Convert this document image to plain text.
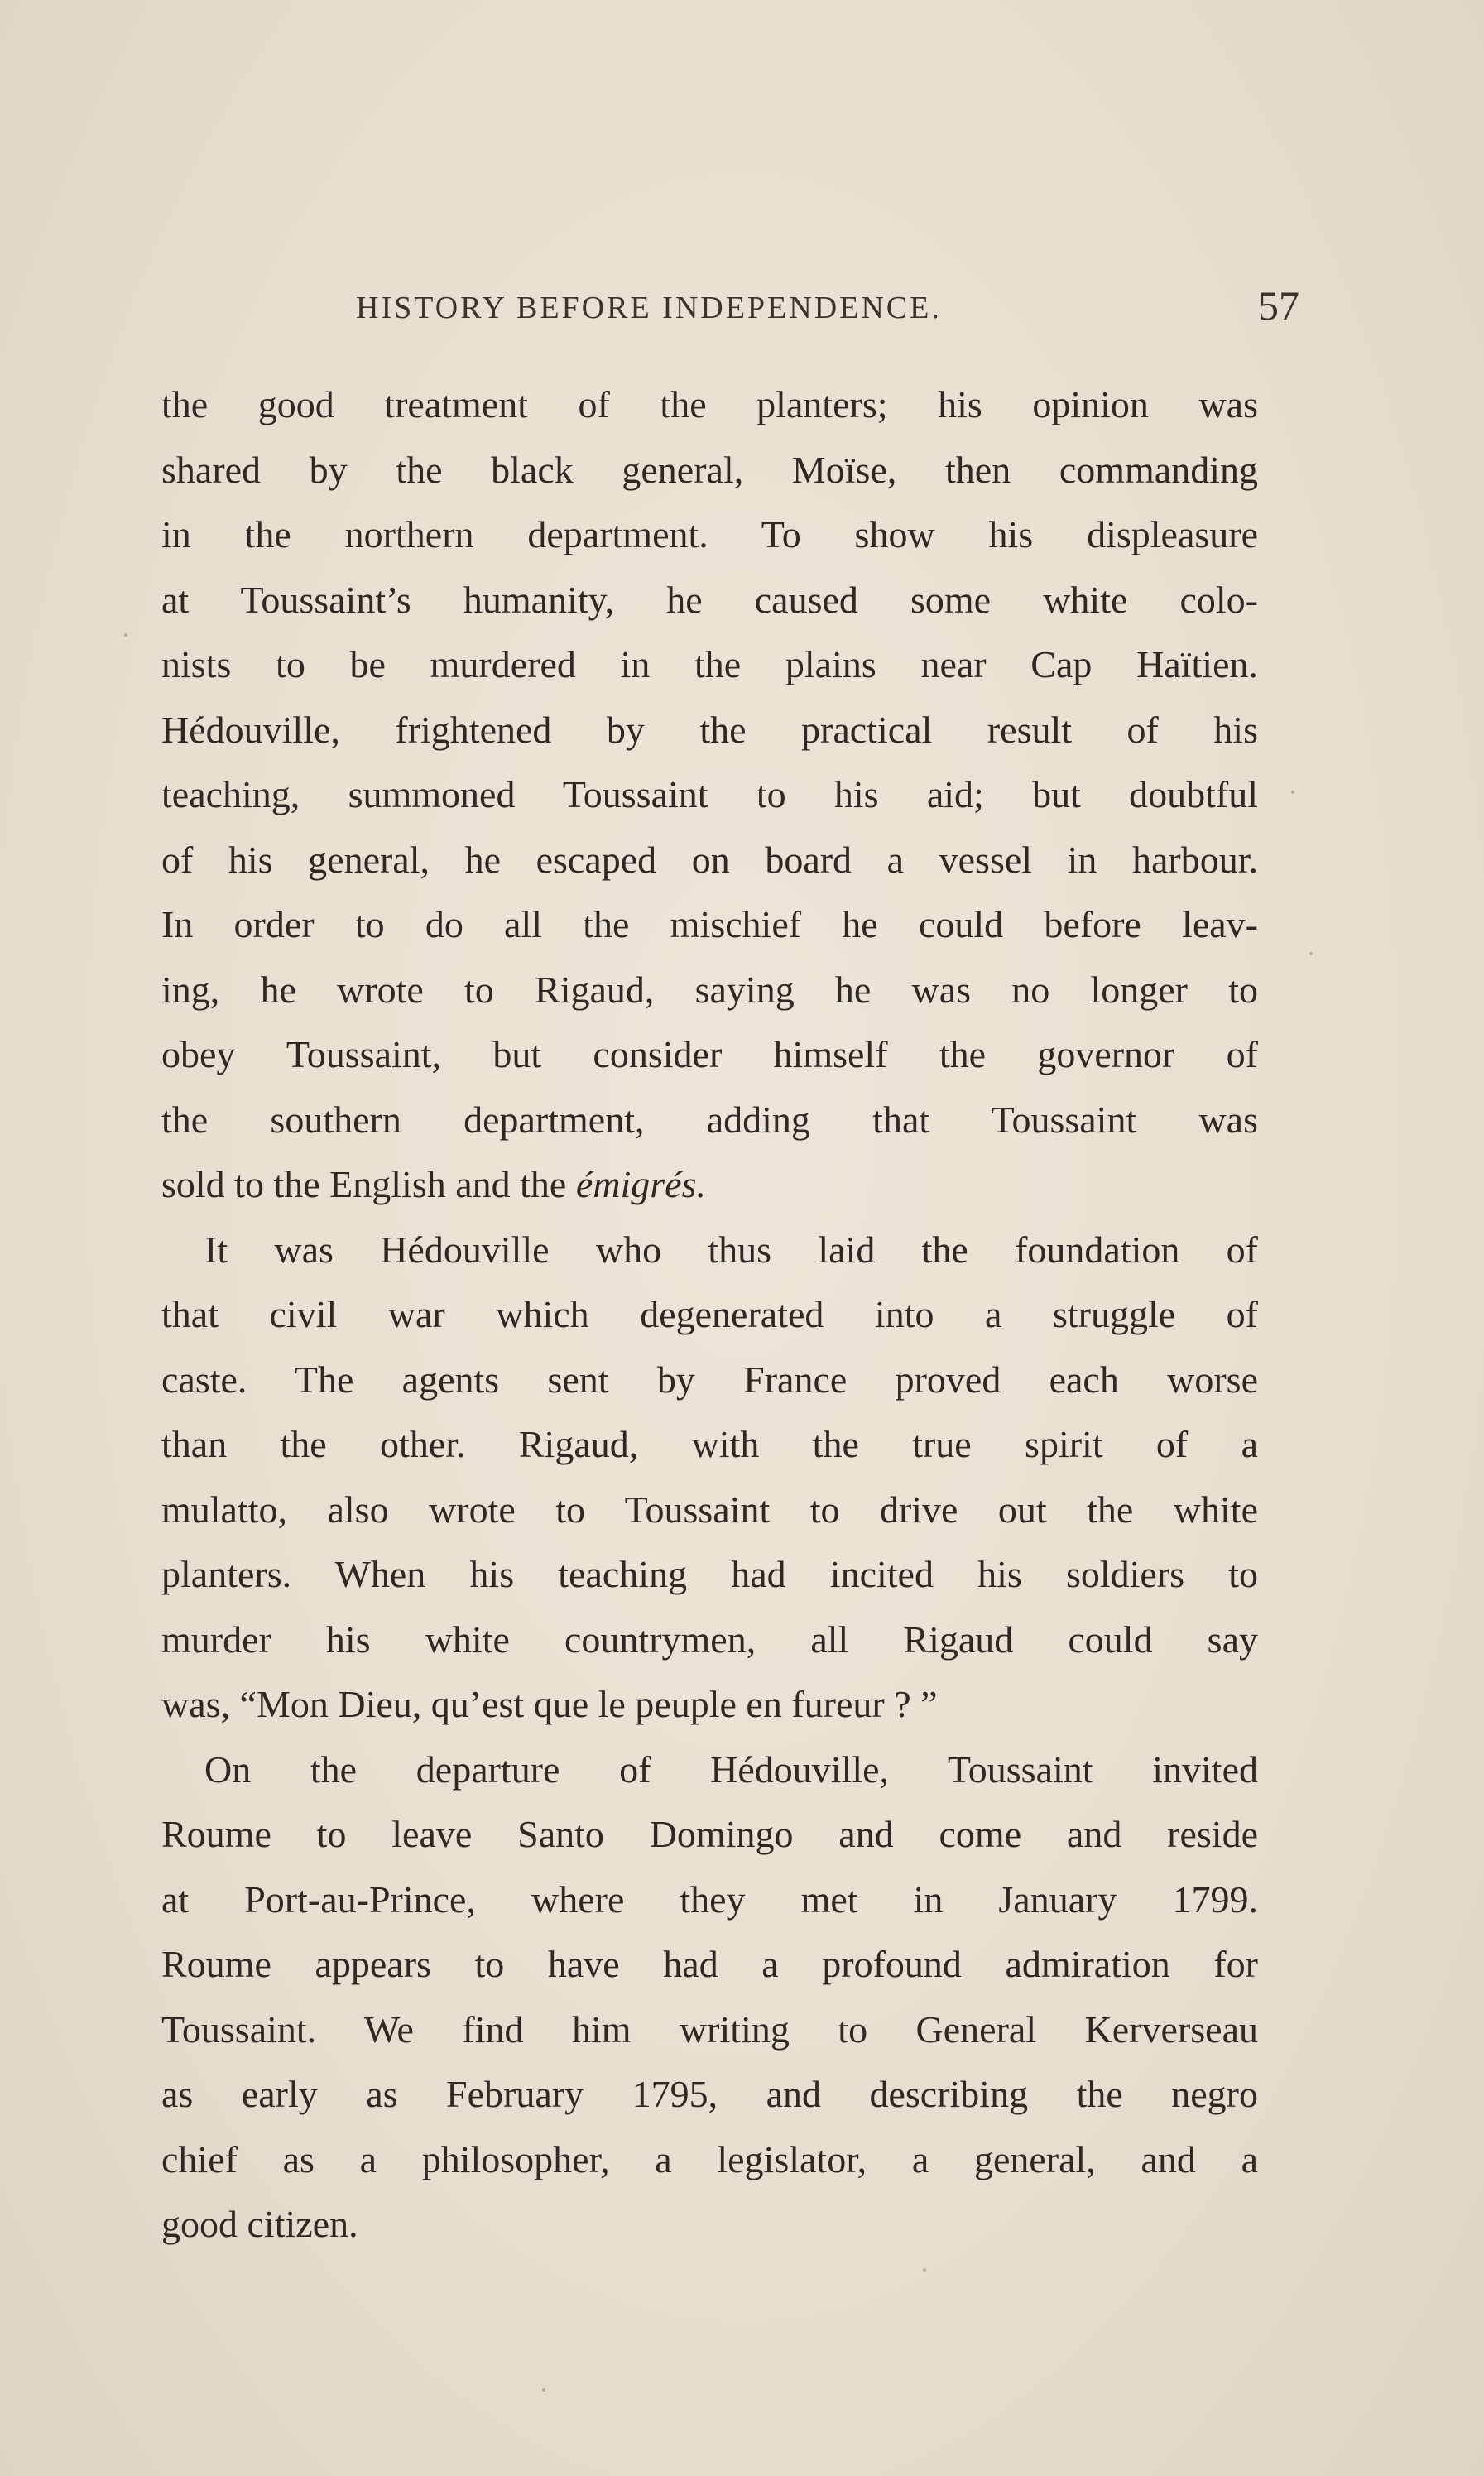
HISTORY BEFORE INDEPENDENCE.	57
the good treatment of the planters; his opinion was
shared by the black general, Moïse, then commanding
in the northern department. To show his displeasure
at Toussaint’s humanity, he caused some white colo-
nists to be murdered in the plains near Cap Haïtien.
Hédouville, frightened by the practical result of his
teaching, summoned Toussaint to his aid; but doubtful
of his general, he escaped on board a vessel in harbour.
In order to do all the mischief he could before leav-
ing, he wrote to Rigaud, saying he was no longer to
obey Toussaint, but consider himself the governor of
the southern department, adding that Toussaint was
sold to the English and the émigrés.
It was Hédouville who thus laid the foundation of
that civil war which degenerated into a struggle of
caste. The agents sent by France proved each worse
than the other. Rigaud, with the true spirit of a
mulatto, also wrote to Toussaint to drive out the white
planters. When his teaching had incited his soldiers to
murder his white countrymen, all Rigaud could say
was, “Mon Dieu, qu’est que le peuple en fureur ? ”
On the departure of Hédouville, Toussaint invited
Roume to leave Santo Domingo and come and reside
at Port-au-Prince, where they met in January 1799.
Roume appears to have had a profound admiration for
Toussaint. We find him writing to General Kerverseau
as early as February 1795, and describing the negro
chief as a philosopher, a legislator, a general, and a
good citizen.
